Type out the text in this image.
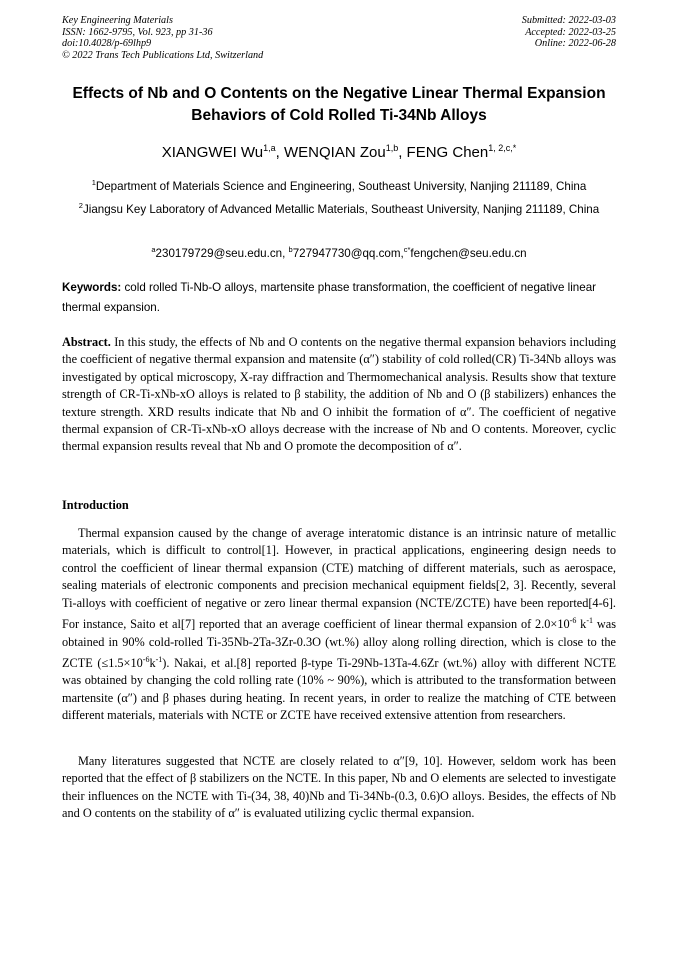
Key Engineering Materials
ISSN: 1662-9795, Vol. 923, pp 31-36
doi:10.4028/p-69lhp9
© 2022 Trans Tech Publications Ltd, Switzerland
Submitted: 2022-03-03
Accepted: 2022-03-25
Online: 2022-06-28
Effects of Nb and O Contents on the Negative Linear Thermal Expansion Behaviors of Cold Rolled Ti-34Nb Alloys
XIANGWEI Wu$^{1,a}$, WENQIAN Zou$^{1,b}$, FENG Chen$^{1, 2,c,*}$
$^1$Department of Materials Science and Engineering, Southeast University, Nanjing 211189, China
$^2$Jiangsu Key Laboratory of Advanced Metallic Materials, Southeast University, Nanjing 211189, China
$^a$230179729@seu.edu.cn, $^b$727947730@qq.com,$^{c*}$fengchen@seu.edu.cn
Keywords: cold rolled Ti-Nb-O alloys, martensite phase transformation, the coefficient of negative linear thermal expansion.
Abstract. In this study, the effects of Nb and O contents on the negative thermal expansion behaviors including the coefficient of negative thermal expansion and matensite (α″) stability of cold rolled(CR) Ti-34Nb alloys was investigated by optical microscopy, X-ray diffraction and Thermomechanical analysis. Results show that texture strength of CR-Ti-xNb-xO alloys is related to β stability, the addition of Nb and O (β stabilizers) enhances the texture strength. XRD results indicate that Nb and O inhibit the formation of α″. The coefficient of negative thermal expansion of CR-Ti-xNb-xO alloys decrease with the increase of Nb and O contents. Moreover, cyclic thermal expansion results reveal that Nb and O promote the decomposition of α″.
Introduction
Thermal expansion caused by the change of average interatomic distance is an intrinsic nature of metallic materials, which is difficult to control[1]. However, in practical applications, engineering design needs to control the coefficient of linear thermal expansion (CTE) matching of different materials, such as aerospace, sealing materials of electronic components and precision mechanical equipment fields[2, 3]. Recently, several Ti-alloys with coefficient of negative or zero linear thermal expansion (NCTE/ZCTE) have been reported[4-6]. For instance, Saito et al[7] reported that an average coefficient of linear thermal expansion of $2.0\times 10^{-6}$ $k^{-1}$ was obtained in 90% cold-rolled Ti-35Nb-2Ta-3Zr-0.3O (wt.%) alloy along rolling direction, which is close to the ZCTE $(\le 1.5\times 10^{-6}k^{-1})$. Nakai, et al.[8] reported β-type Ti-29Nb-13Ta-4.6Zr (wt.%) alloy with different NCTE was obtained by changing the cold rolling rate (10% ~ 90%), which is attributed to the transformation between martensite (α″) and β phases during heating. In recent years, in order to realize the matching of CTE between different materials, materials with NCTE or ZCTE have received extensive attention from researchers.
Many literatures suggested that NCTE are closely related to α″[9, 10]. However, seldom work has been reported that the effect of β stabilizers on the NCTE. In this paper, Nb and O elements are selected to investigate their influences on the NCTE with Ti-(34, 38, 40)Nb and Ti-34Nb-(0.3, 0.6)O alloys. Besides, the effects of Nb and O contents on the stability of α″ is evaluated utilizing cyclic thermal expansion.
